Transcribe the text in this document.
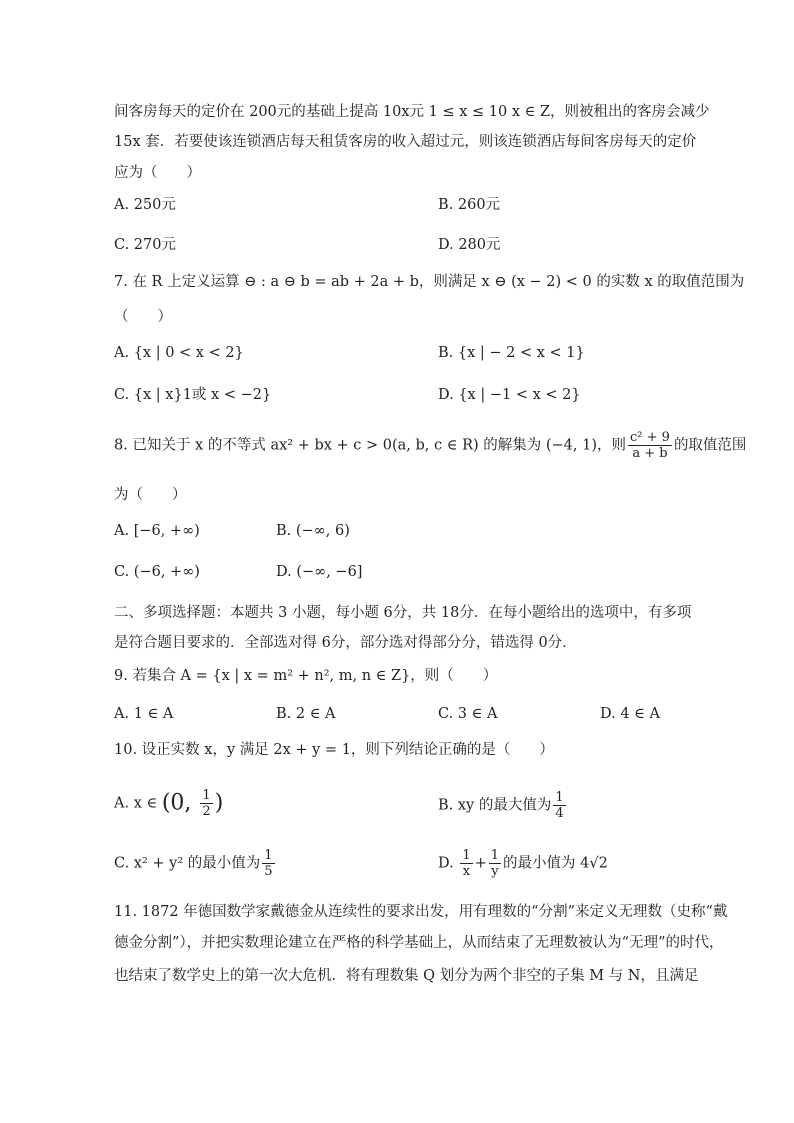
间客房每天的定价在 200元的基础上提高 10x元 1 ≤ x ≤ 10 x ∈ Z，则被租出的客房会减少
15x 套．若要使该连锁酒店每天租赁客房的收入超过元，则该连锁酒店每间客房每天的定价
应为（　　）
A. 250元	B. 260元
C. 270元	D. 280元
7. 在 R 上定义运算 ⊖ : a ⊖ b = ab + 2a + b，则满足 x ⊖ (x − 2) < 0 的实数 x 的取值范围为
（　　）
A. {x | 0 < x < 2}	B. {x | − 2 < x < 1}
C. {x | x}1或 x < −2}	D. {x | −1 < x < 2}
8. 已知关于 x 的不等式 ax² + bx + c > 0(a, b, c ∈ R) 的解集为 (−4, 1)，则 $\frac{\text{c² + 9}}{a + b}$ 的取值范围
为（　　）
A. [−6, +∞)	B. (−∞, 6)
C. (−6, +∞)	D. (−∞, −6]
二、多项选择题：本题共 3 小题，每小题 6分，共 18分．在每小题给出的选项中，有多项
是符合题目要求的．全部选对得 6分，部分选对得部分分，错选得 0分．
9. 若集合 A = {x | x = m² + n², m, n ∈ Z}，则（　　）
A. 1 ∈ A	B. 2 ∈ A	C. 3 ∈ A	D. 4 ∈ A
10. 设正实数 x，y 满足 2x + y = 1，则下列结论正确的是（　　）
A. x ∈ (0, $\frac{1}{2}$ )	B. xy 的最大值为 $\frac{1}{4}$
C. x² + y² 的最小值为 $\frac{1}{5}$	D. $\frac{1}{x} + \frac{1}{y}$ 的最小值为 4√2
11. 1872 年德国数学家戴德金从连续性的要求出发，用有理数的“分割”来定义无理数（史称“戴
德金分割”），并把实数理论建立在严格的科学基础上，从而结束了无理数被认为“无理”的时代，
也结束了数学史上的第一次大危机．将有理数集 Q 划分为两个非空的子集 M 与 N，且满足
